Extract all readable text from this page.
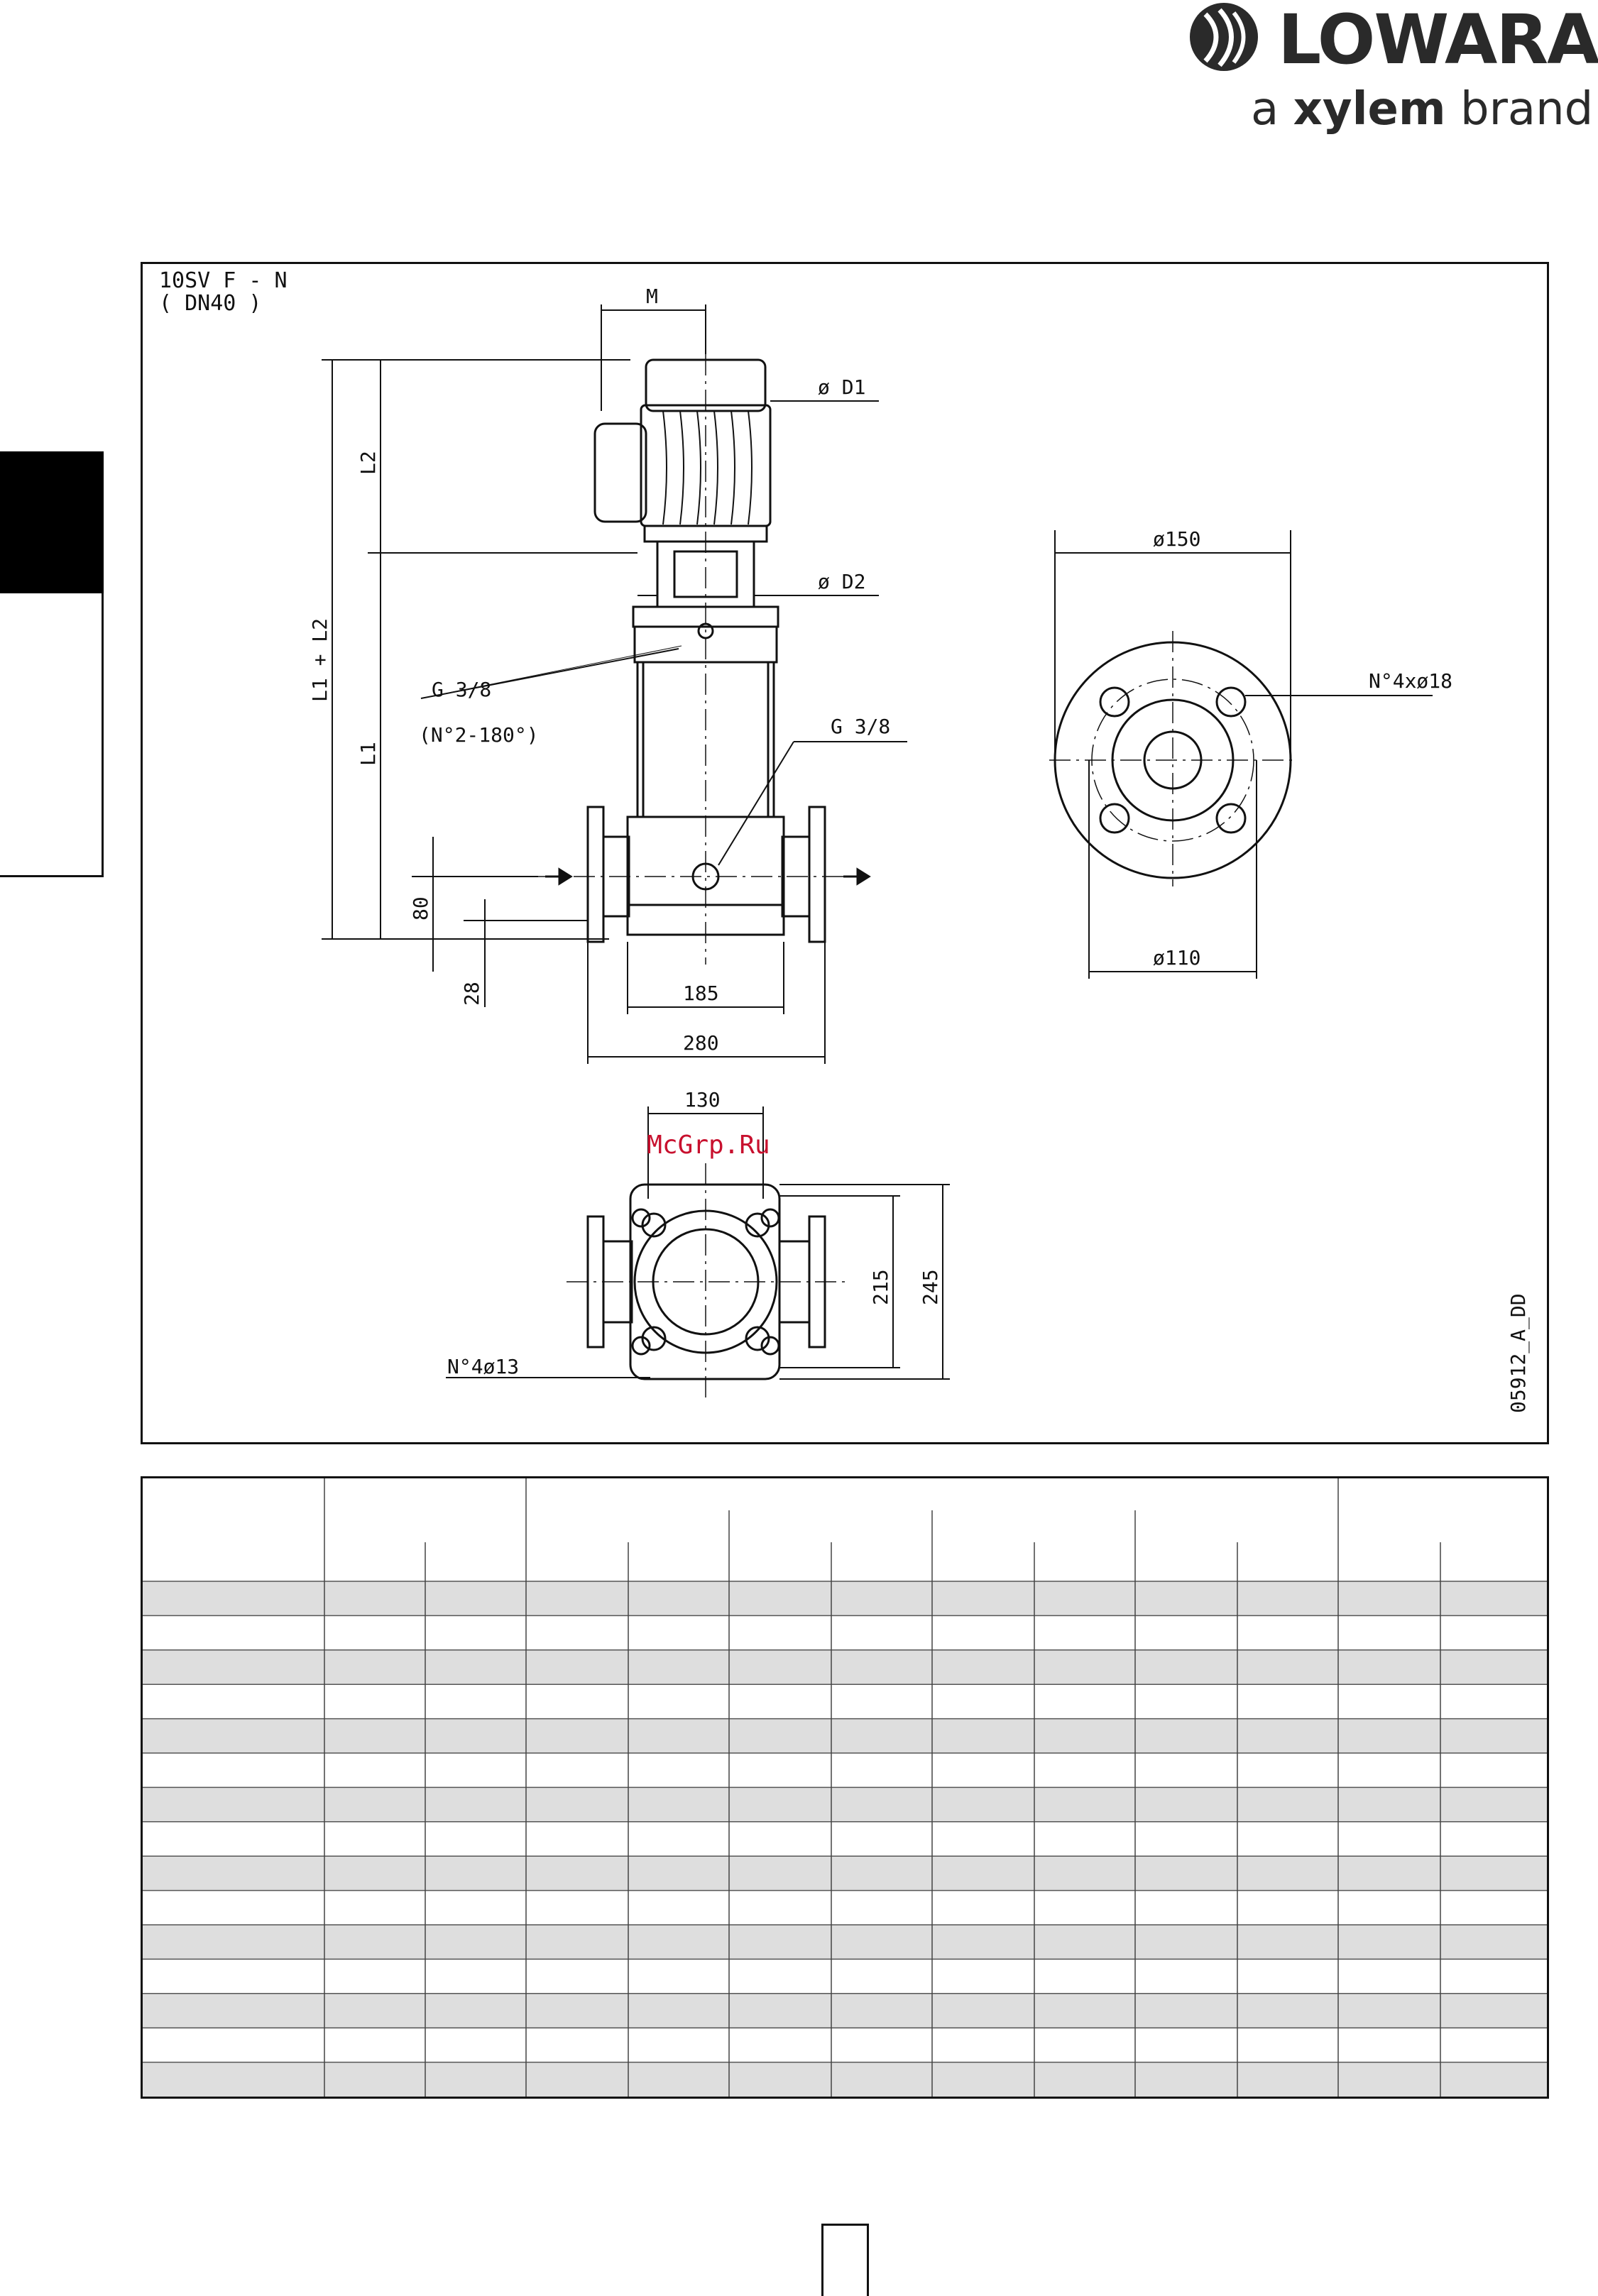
LOWARA
a xylem brand
10SV F - N
( DN40 )	M
ø D1
ø D2
L2
L1 + L2
L1
G 3/8
(N°2-180°)	G 3/8
80
28	185
280
130
215 245
N°4ø13
ø150
N°4xø18
ø110
05912_A_DD
McGrp.Ru
